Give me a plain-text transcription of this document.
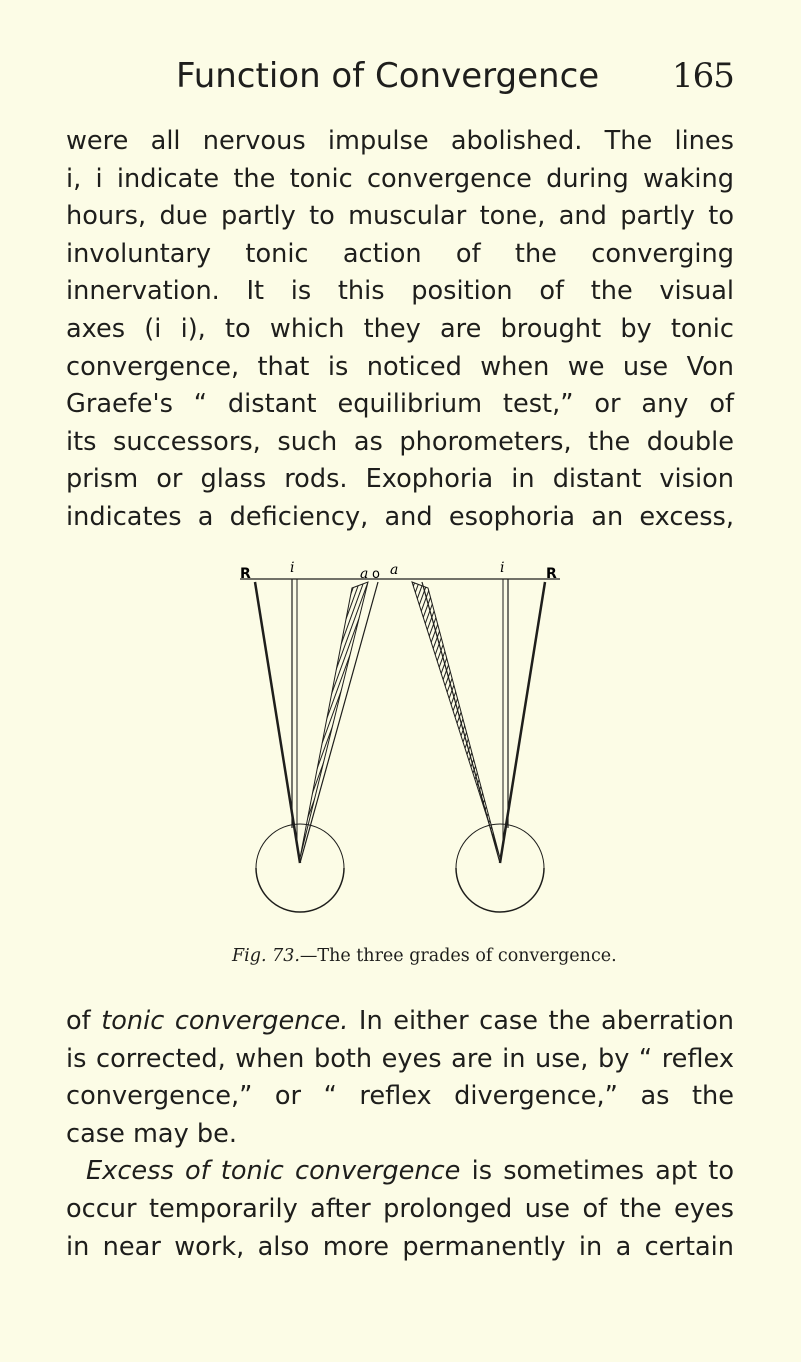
Function of Convergence 165
were all nervous impulse abolished. The lines
i, i indicate the tonic convergence during waking
hours, due partly to muscular tone, and partly to
involuntary tonic action of the converging
innervation. It is this position of the visual
axes (i i), to which they are brought by tonic
convergence, that is noticed when we use Von
Graefe's “ distant equilibrium test,” or any of
its successors, such as phorometers, the double
prism or glass rods. Exophoria in distant vision
indicates a deficiency, and esophoria an excess,
R	i	a o a	i	R
Fig. 73.—The three grades of convergence.
of tonic convergence. In either case the aberration
is corrected, when both eyes are in use, by “ reflex
convergence,” or “ reflex divergence,” as the
case may be.
Excess of tonic convergence is sometimes apt to
occur temporarily after prolonged use of the eyes
in near work, also more permanently in a certain
